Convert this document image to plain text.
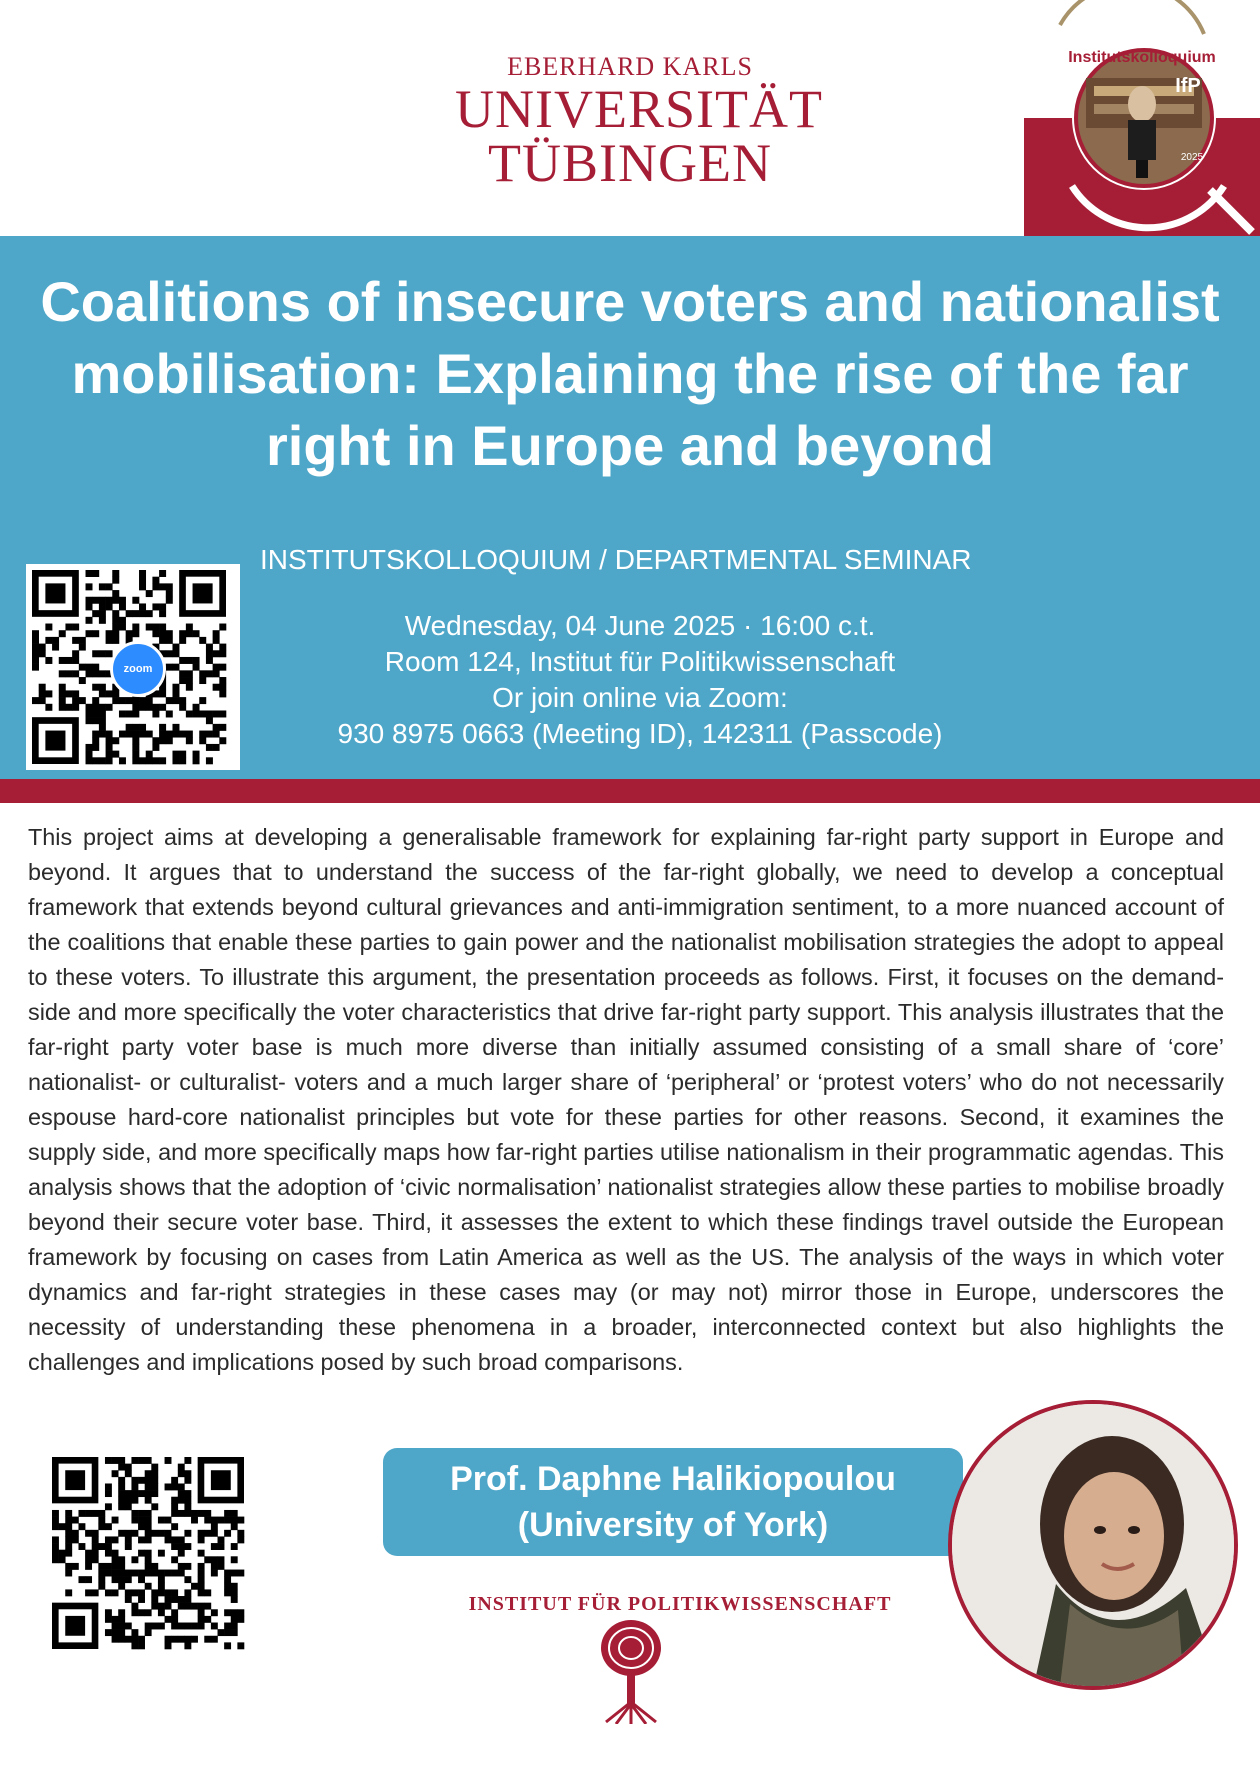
EBERHARD KARLS
UNIVERSITÄT
TÜBINGEN
Institutskolloquium
IfP
2025
Coalitions of insecure voters and nationalist mobilisation: Explaining the rise of the far right in Europe and beyond
INSTITUTSKOLLOQUIUM / DEPARTMENTAL SEMINAR
Wednesday, 04 June 2025 · 16:00 c.t.
Room 124, Institut für Politikwissenschaft
Or join online via Zoom:
930 8975 0663 (Meeting ID), 142311 (Passcode)
zoom
This project aims at developing a generalisable framework for explaining far-right party support in Europe and beyond. It argues that to understand the success of the far-right globally, we need to develop a conceptual framework that extends beyond cultural grievances and anti-immigration sentiment, to a more nuanced account of the coalitions that enable these parties to gain power and the nationalist mobilisation strategies the adopt to appeal to these voters. To illustrate this argument, the presentation proceeds as follows. First, it focuses on the demand-side and more specifically the voter characteristics that drive far-right party support. This analysis illustrates that the far-right party voter base is much more diverse than initially assumed consisting of a small share of ‘core’ nationalist- or culturalist- voters and a much larger share of ‘peripheral’ or ‘protest voters’ who do not necessarily espouse hard-core nationalist principles but vote for these parties for other reasons. Second, it examines the supply side, and more specifically maps how far-right parties utilise nationalism in their programmatic agendas. This analysis shows that the adoption of ‘civic normalisation’ nationalist strategies allow these parties to mobilise broadly beyond their secure voter base. Third, it assesses the extent to which these findings travel outside the European framework by focusing on cases from Latin America as well as the US. The analysis of the ways in which voter dynamics and far-right strategies in these cases may (or may not) mirror those in Europe, underscores the necessity of understanding these phenomena in a broader, interconnected context but also highlights the challenges and implications posed by such broad comparisons.
Prof. Daphne Halikiopoulou
(University of York)
INSTITUT FÜR POLITIKWISSENSCHAFT
